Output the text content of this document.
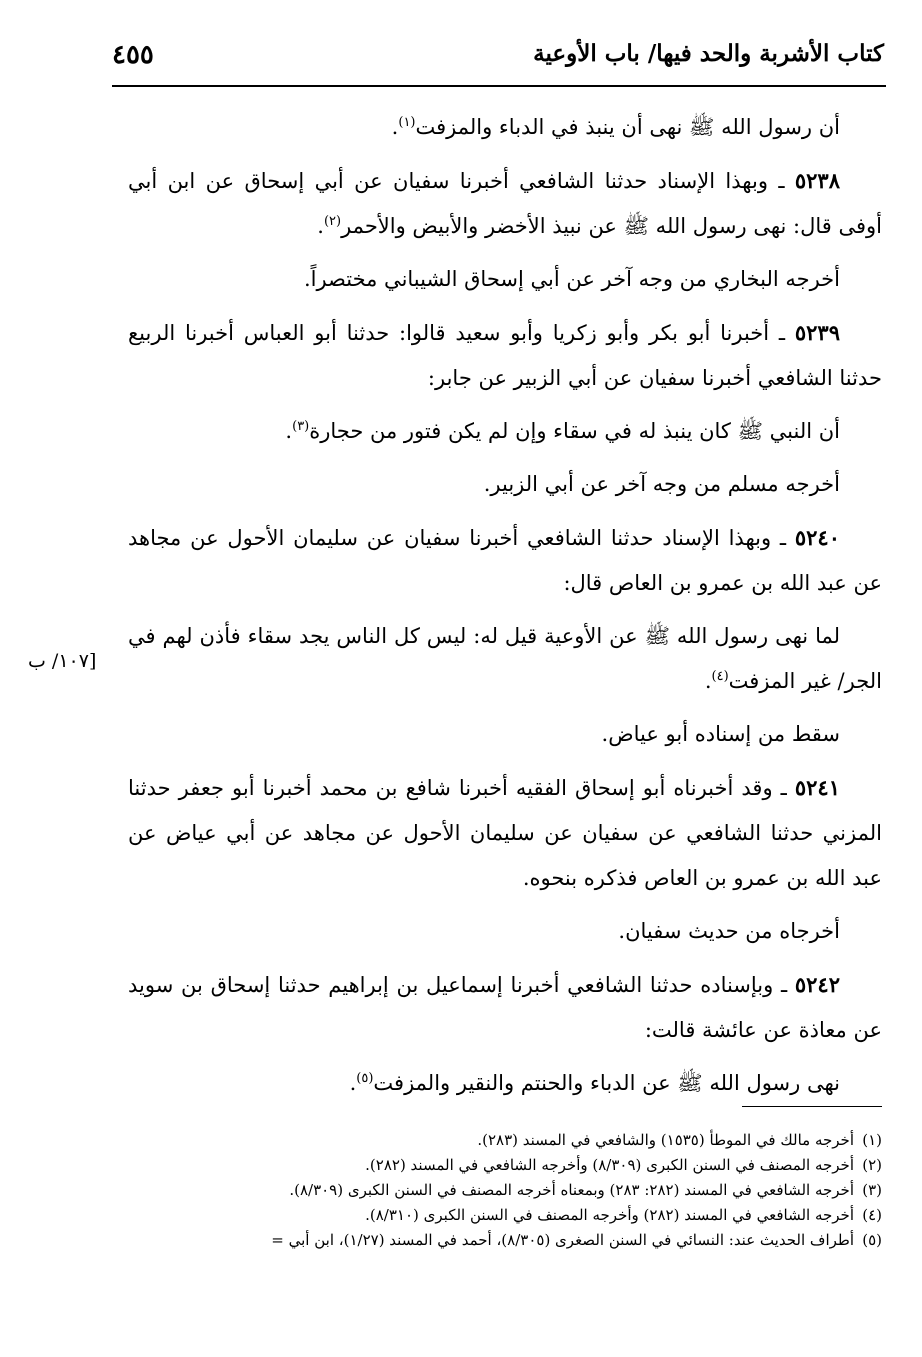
كتاب الأشربة والحد فيها/ باب الأوعية
٤٥٥

أن رسول الله ﷺ نهى أن ينبذ في الدباء والمزفت$^{(١)}$.

٥٢٣٨ ـ وبهذا الإسناد حدثنا الشافعي أخبرنا سفيان عن أبي إسحاق عن ابن أبي أوفى قال: نهى رسول الله ﷺ عن نبيذ الأخضر والأبيض والأحمر$^{(٢)}$.

أخرجه البخاري من وجه آخر عن أبي إسحاق الشيباني مختصراً.

٥٢٣٩ ـ أخبرنا أبو بكر وأبو زكريا وأبو سعيد قالوا: حدثنا أبو العباس أخبرنا الربيع حدثنا الشافعي أخبرنا سفيان عن أبي الزبير عن جابر:

أن النبي ﷺ كان ينبذ له في سقاء وإن لم يكن فتور من حجارة$^{(٣)}$.

أخرجه مسلم من وجه آخر عن أبي الزبير.

٥٢٤٠ ـ وبهذا الإسناد حدثنا الشافعي أخبرنا سفيان عن سليمان الأحول عن مجاهد عن عبد الله بن عمرو بن العاص قال:

لما نهى رسول الله ﷺ عن الأوعية قيل له: ليس كل الناس يجد سقاء فأذن لهم في الجر/ غير المزفت$^{(٤)}$.

سقط من إسناده أبو عياض.

٥٢٤١ ـ وقد أخبرناه أبو إسحاق الفقيه أخبرنا شافع بن محمد أخبرنا أبو جعفر حدثنا المزني حدثنا الشافعي عن سفيان عن سليمان الأحول عن مجاهد عن أبي عياض عن عبد الله بن عمرو بن العاص فذكره بنحوه.

أخرجاه من حديث سفيان.

٥٢٤٢ ـ وبإسناده حدثنا الشافعي أخبرنا إسماعيل بن إبراهيم حدثنا إسحاق بن سويد عن معاذة عن عائشة قالت:

نهى رسول الله ﷺ عن الدباء والحنتم والنقير والمزفت$^{(٥)}$.

[١٠٧/ ب

(١)أخرجه مالك في الموطأ (١٥٣٥) والشافعي في المسند (٢٨٣).

(٢)أخرجه المصنف في السنن الكبرى (٨/٣٠٩) وأخرجه الشافعي في المسند (٢٨٢).

(٣)أخرجه الشافعي في المسند (٢٨٢: ٢٨٣) وبمعناه أخرجه المصنف في السنن الكبرى (٨/٣٠٩).

(٤)أخرجه الشافعي في المسند (٢٨٢) وأخرجه المصنف في السنن الكبرى (٨/٣١٠).

(٥)أطراف الحديث عند: النسائي في السنن الصغرى (٨/٣٠٥)، أحمد في المسند (١/٢٧)، ابن أبي =
